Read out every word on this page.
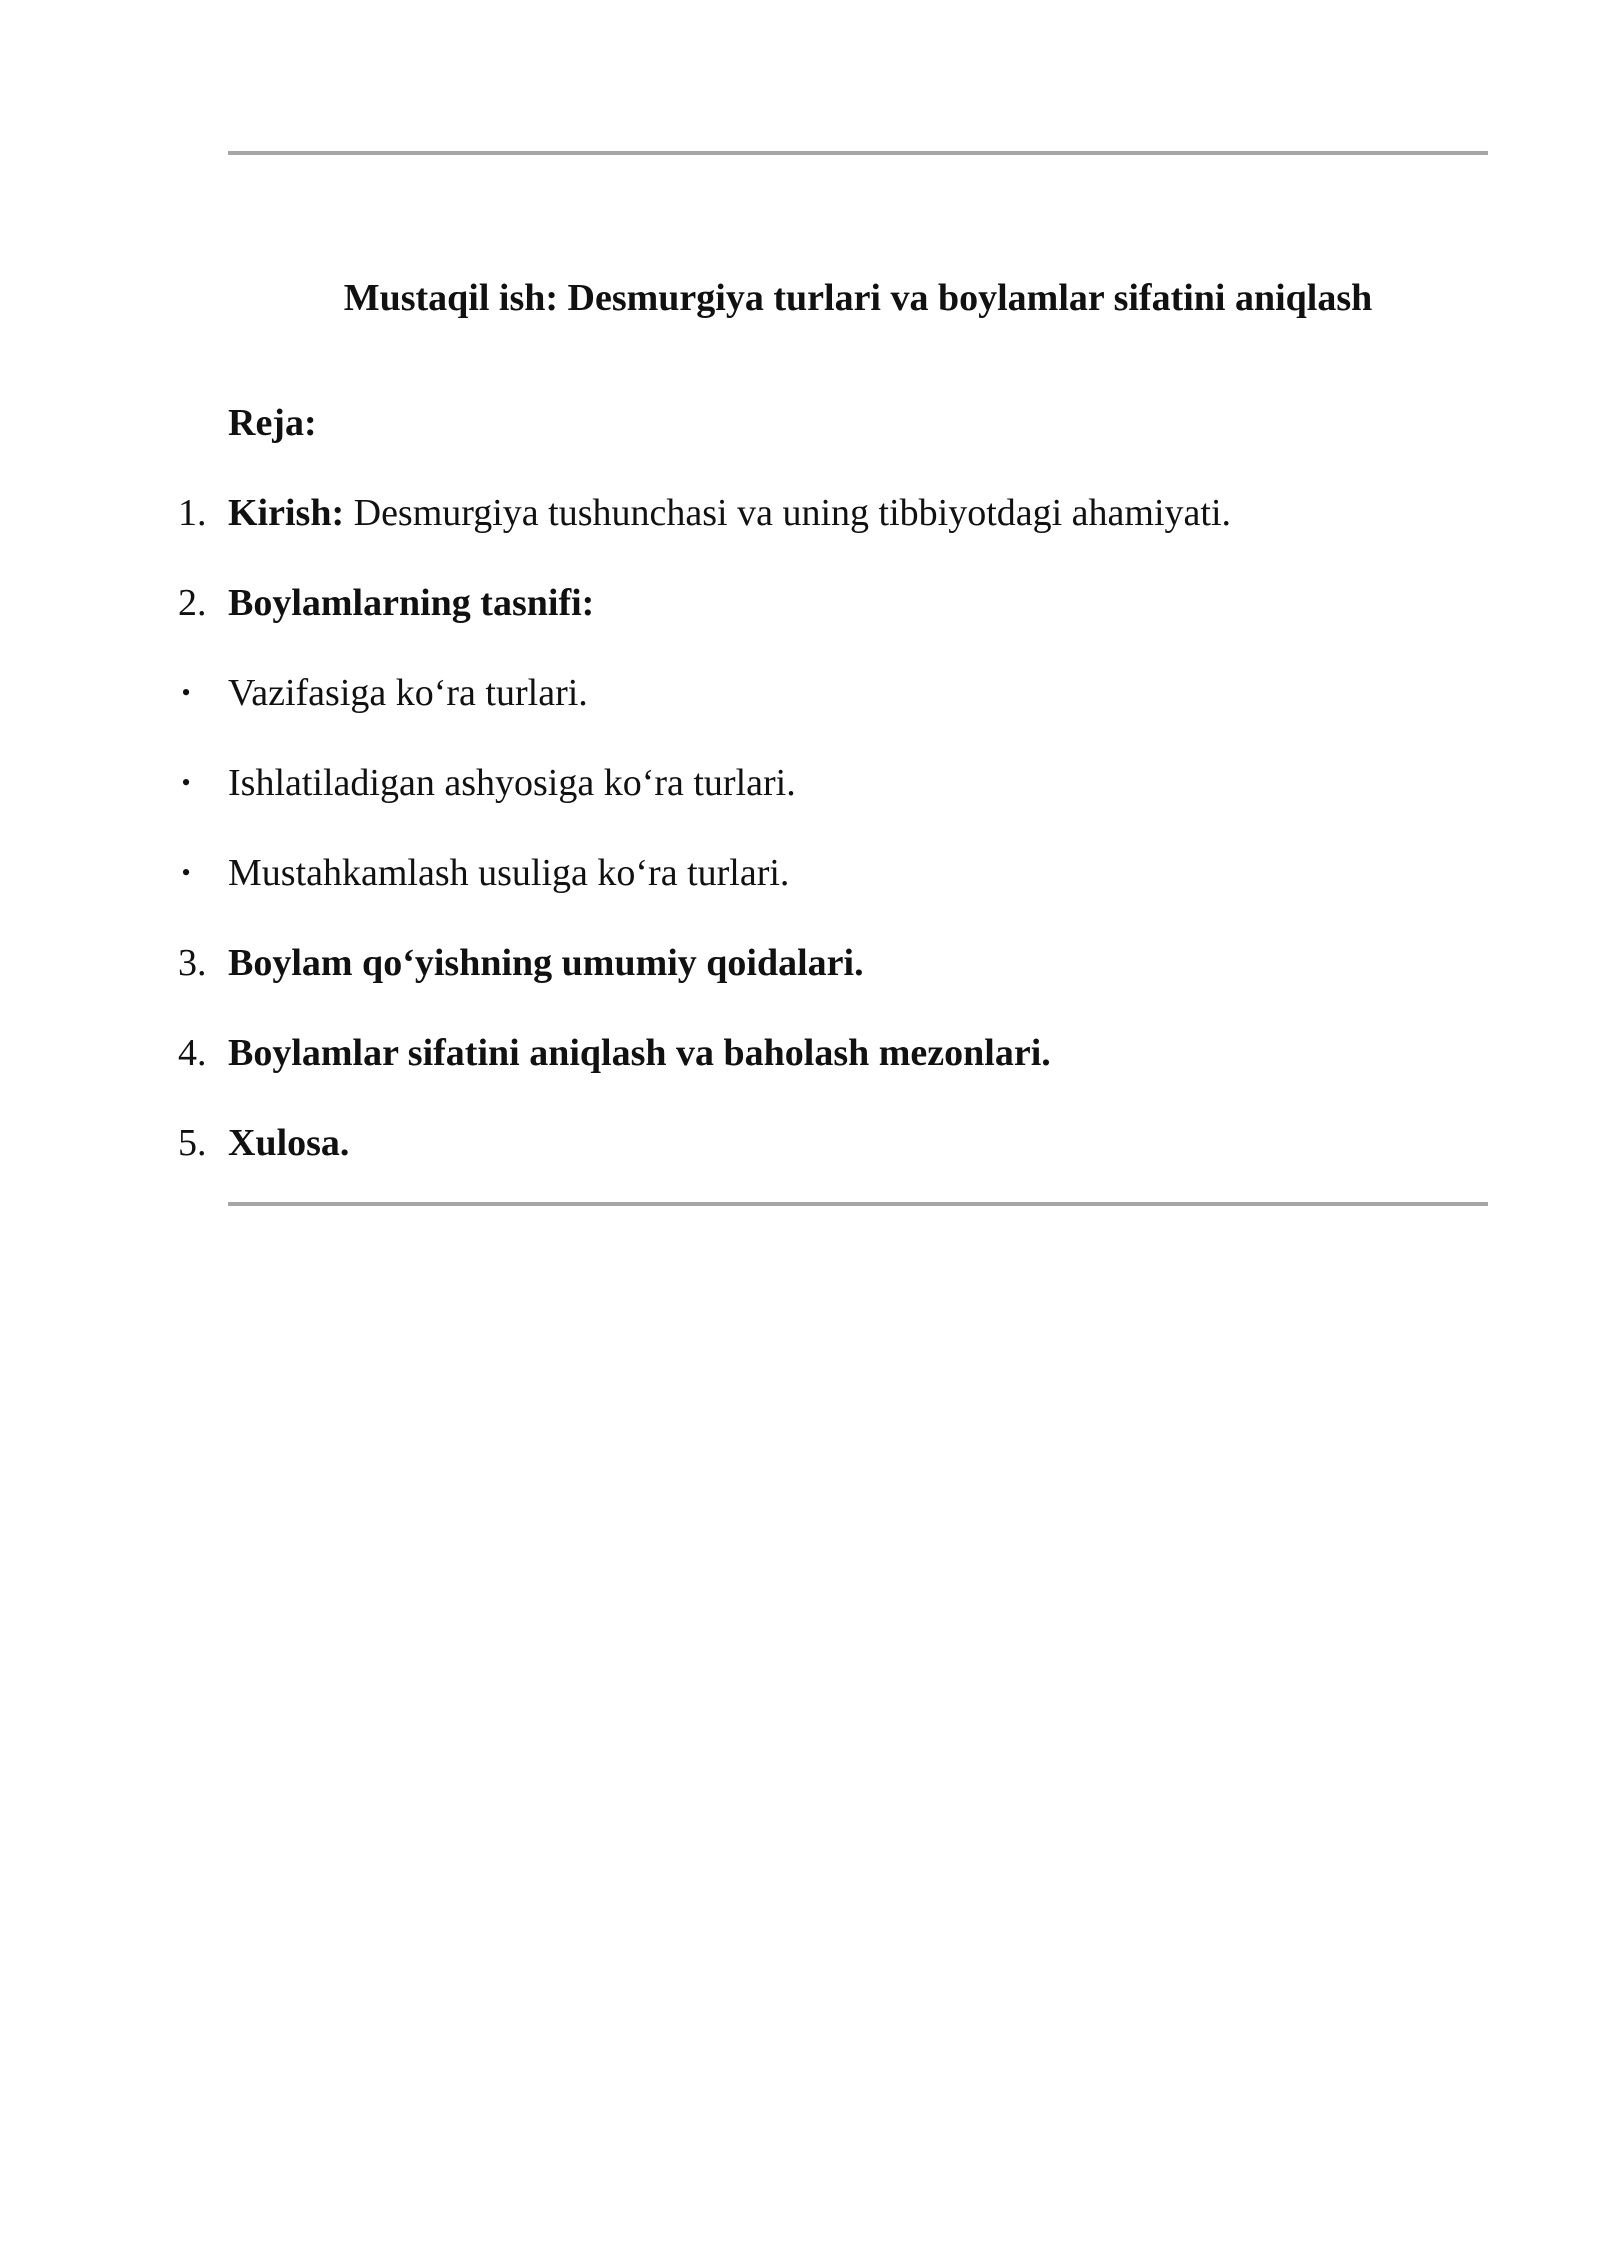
Mustaqil ish: Desmurgiya turlari va boylamlar sifatini aniqlash

Reja:

1. Kirish: Desmurgiya tushunchasi va uning tibbiyotdagi ahamiyati.
2. Boylamlarning tasnifi:
• Vazifasiga ko‘ra turlari.
• Ishlatiladigan ashyosiga ko‘ra turlari.
• Mustahkamlash usuliga ko‘ra turlari.
3. Boylam qo‘yishning umumiy qoidalari.
4. Boylamlar sifatini aniqlash va baholash mezonlari.
5. Xulosa.
